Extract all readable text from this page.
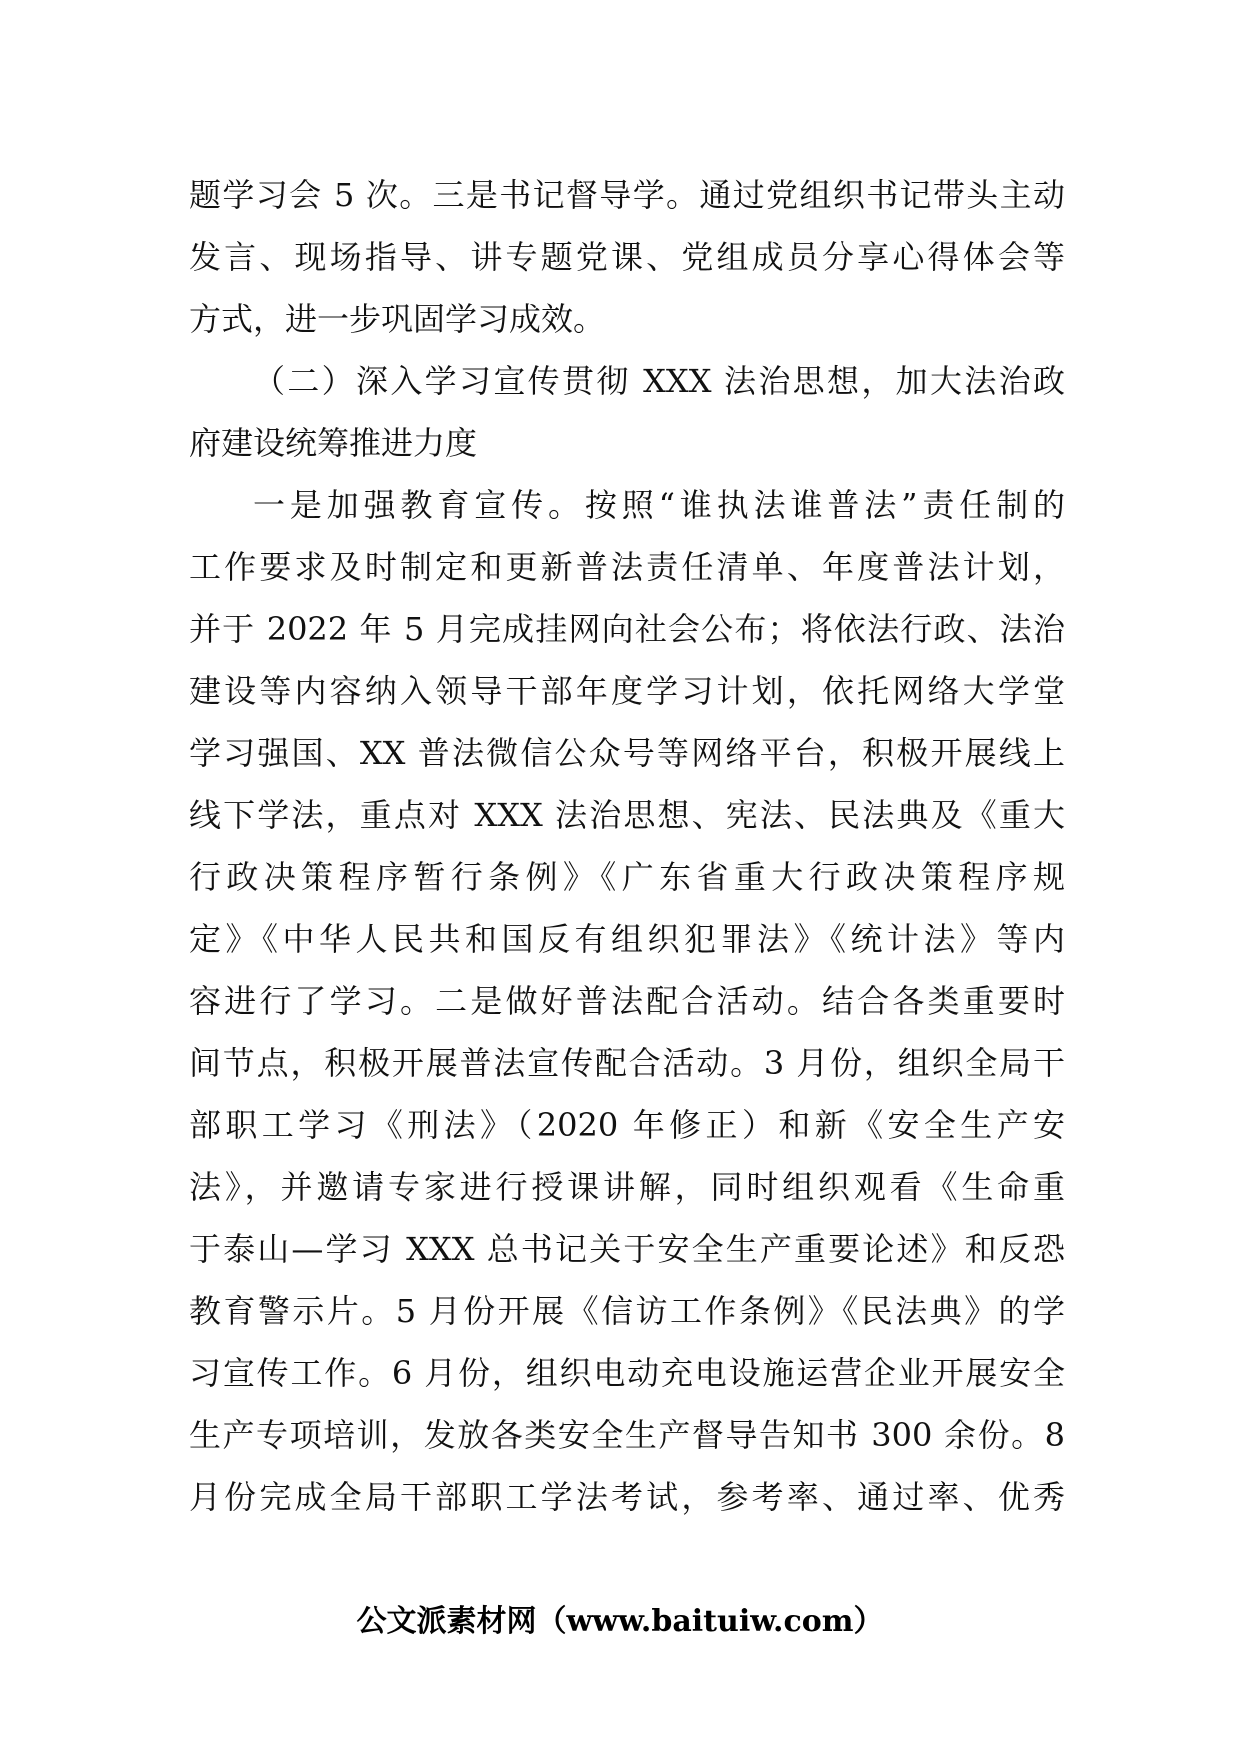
题学习会 5 次。三是书记督导学。通过党组织书记带头主动
发言、现场指导、讲专题党课、党组成员分享心得体会等
方式，进一步巩固学习成效。
（二）深入学习宣传贯彻 XXX 法治思想，加大法治政
府建设统筹推进力度
一是加强教育宣传。按照“谁执法谁普法”责任制的
工作要求及时制定和更新普法责任清单、年度普法计划，
并于 2022 年 5 月完成挂网向社会公布；将依法行政、法治
建设等内容纳入领导干部年度学习计划，依托网络大学堂
学习强国、XX 普法微信公众号等网络平台，积极开展线上
线下学法，重点对 XXX 法治思想、宪法、民法典及《重大
行政决策程序暂行条例》《广东省重大行政决策程序规
定》《中华人民共和国反有组织犯罪法》《统计法》等内
容进行了学习。二是做好普法配合活动。结合各类重要时
间节点，积极开展普法宣传配合活动。3 月份，组织全局干
部职工学习《刑法》（2020 年修正）和新《安全生产安
法》，并邀请专家进行授课讲解，同时组织观看《生命重
于泰山—学习 XXX 总书记关于安全生产重要论述》和反恐
教育警示片。5 月份开展《信访工作条例》《民法典》的学
习宣传工作。6 月份，组织电动充电设施运营企业开展安全
生产专项培训，发放各类安全生产督导告知书 300 余份。8
月份完成全局干部职工学法考试，参考率、通过率、优秀
公文派素材网（www.baituiw.com）
